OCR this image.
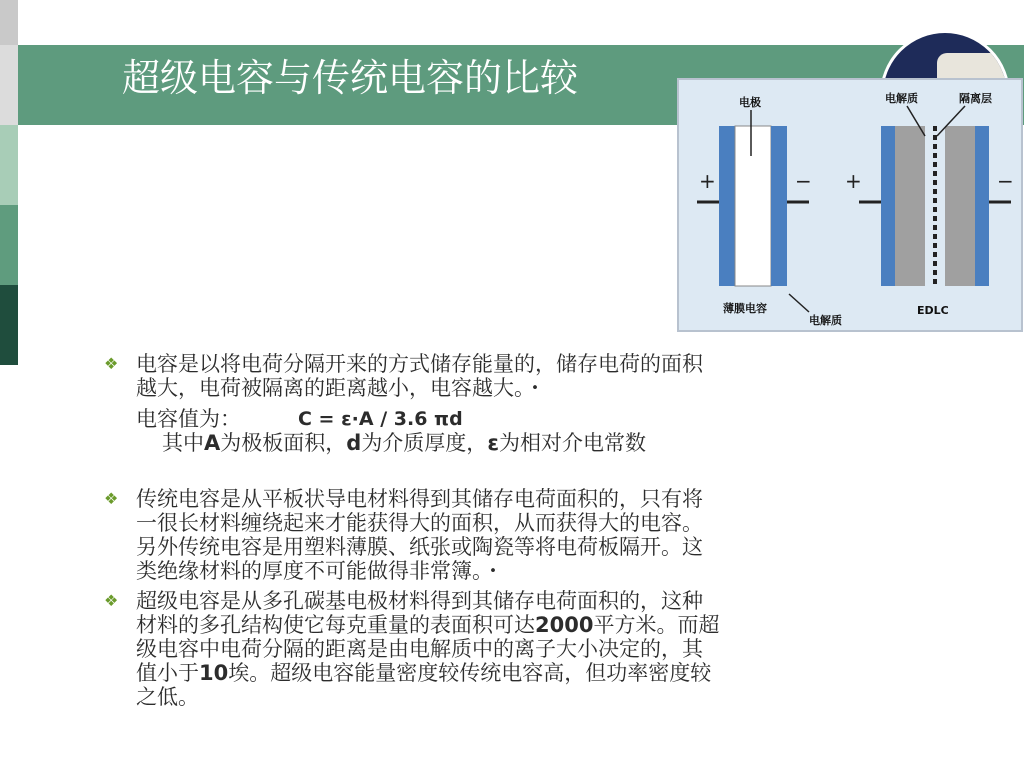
超级电容与传统电容的比较
+	−
电极
薄膜电容
+	−
电解质	隔离层
电解质
EDLC
❖ 电容是以将电荷分隔开来的方式储存能量的，储存电荷的面积
越大，电荷被隔离的距离越小，电容越大。・
电容值为：	C = ε·A / 3.6 πd
其中A为极板面积，d为介质厚度，ε为相对介电常数
❖ 传统电容是从平板状导电材料得到其储存电荷面积的，只有将
一很长材料缠绕起来才能获得大的面积，从而获得大的电容。
另外传统电容是用塑料薄膜、纸张或陶瓷等将电荷板隔开。这
类绝缘材料的厚度不可能做得非常簿。・
❖ 超级电容是从多孔碳基电极材料得到其储存电荷面积的，这种
材料的多孔结构使它每克重量的表面积可达2000平方米。而超
级电容中电荷分隔的距离是由电解质中的离子大小决定的，其
值小于10埃。超级电容能量密度较传统电容高，但功率密度较
之低。
